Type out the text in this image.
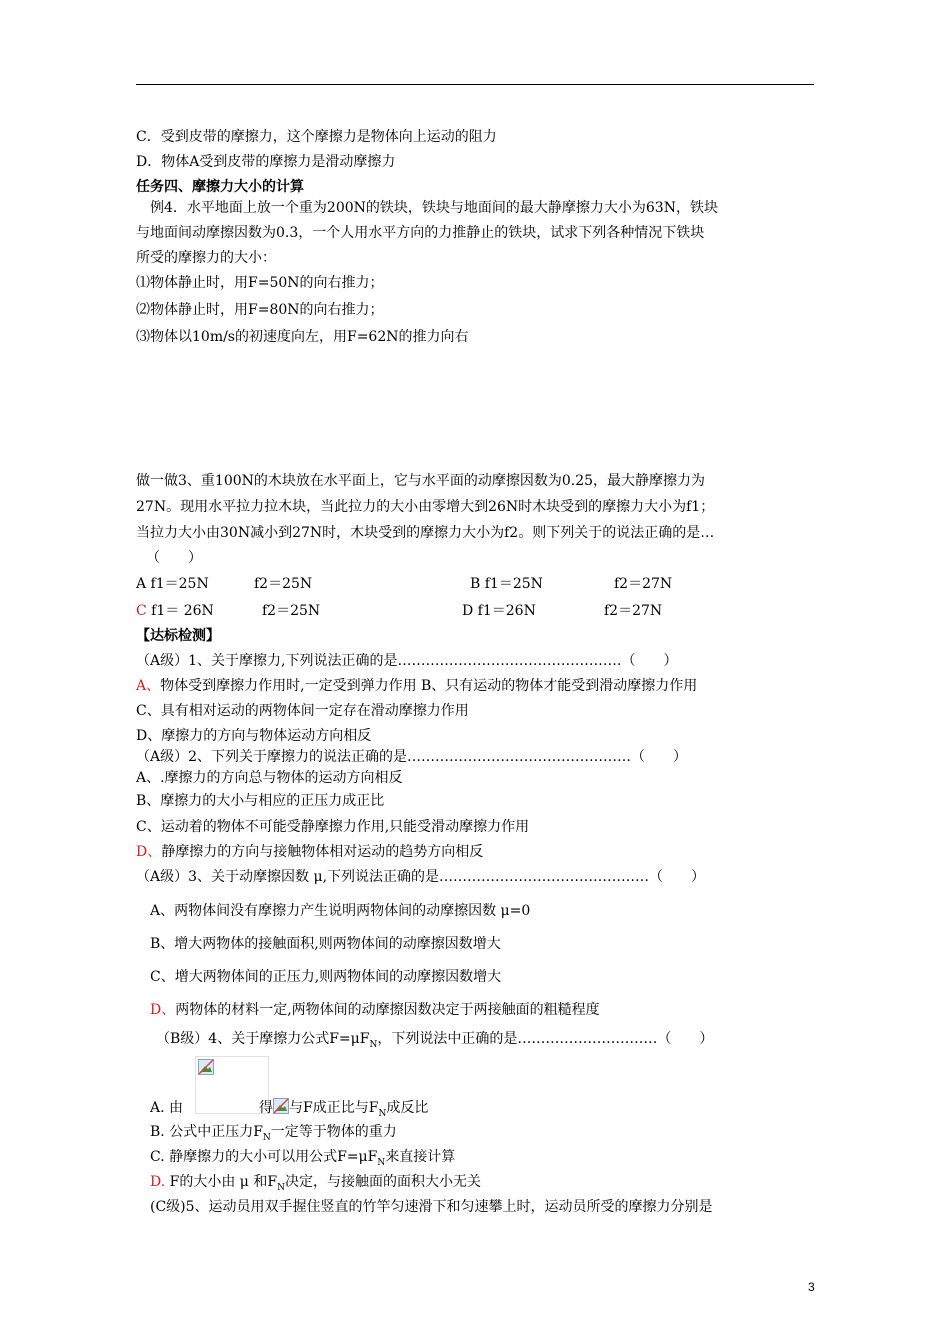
C．受到皮带的摩擦力，这个摩擦力是物体向上运动的阻力
D．物体A受到皮带的摩擦力是滑动摩擦力
任务四、摩擦力大小的计算
例4．水平地面上放一个重为200N的铁块，铁块与地面间的最大静摩擦力大小为63N，铁块
与地面间动摩擦因数为0.3，一个人用水平方向的力推静止的铁块，试求下列各种情况下铁块
所受的摩擦力的大小：
⑴物体静止时，用F=50N的向右推力；
⑵物体静止时，用F=80N的向右推力；
⑶物体以10m/s的初速度向左，用F=62N的推力向右
做一做3、重100N的木块放在水平面上，它与水平面的动摩擦因数为0.25，最大静摩擦力为
27N。现用水平拉力拉木块，当此拉力的大小由零增大到26N时木块受到的摩擦力大小为f1；
当拉力大小由30N减小到27N时，木块受到的摩擦力大小为f2。则下列关于的说法正确的是…
（　　）
A f1＝25N	f2＝25N	B f1＝25N	f2＝27N
C f1＝ 26N	f2＝25N	D f1＝26N	f2＝27N
【达标检测】
（A级）1、关于摩擦力,下列说法正确的是…………………………………………（　　）
A、物体受到摩擦力作用时,一定受到弹力作用 B、只有运动的物体才能受到滑动摩擦力作用
C、具有相对运动的两物体间一定存在滑动摩擦力作用
D、摩擦力的方向与物体运动方向相反
（A级）2、下列关于摩擦力的说法正确的是…………………………………………（　　）
A、.摩擦力的方向总与物体的运动方向相反
B、摩擦力的大小与相应的正压力成正比
C、运动着的物体不可能受静摩擦力作用,只能受滑动摩擦力作用
D、静摩擦力的方向与接触物体相对运动的趋势方向相反
（A级）3、关于动摩擦因数 μ,下列说法正确的是………………………………………（　　）
A、两物体间没有摩擦力产生说明两物体间的动摩擦因数 μ=0
B、增大两物体的接触面积,则两物体间的动摩擦因数增大
C、增大两物体间的正压力,则两物体间的动摩擦因数增大
D、两物体的材料一定,两物体间的动摩擦因数决定于两接触面的粗糙程度
（B级）4、关于摩擦力公式$F=\mu F_N$，下列说法中正确的是…………………………（　　）
A. 由	得 与F成正比与$F_N$成反比
B. 公式中正压力$F_N$一定等于物体的重力
C. 静摩擦力的大小可以用公式$F=\mu F_N$来直接计算
D. F的大小由 μ 和$F_N$决定，与接触面的面积大小无关
(C级)5、运动员用双手握住竖直的竹竿匀速滑下和匀速攀上时，运动员所受的摩擦力分别是
3
